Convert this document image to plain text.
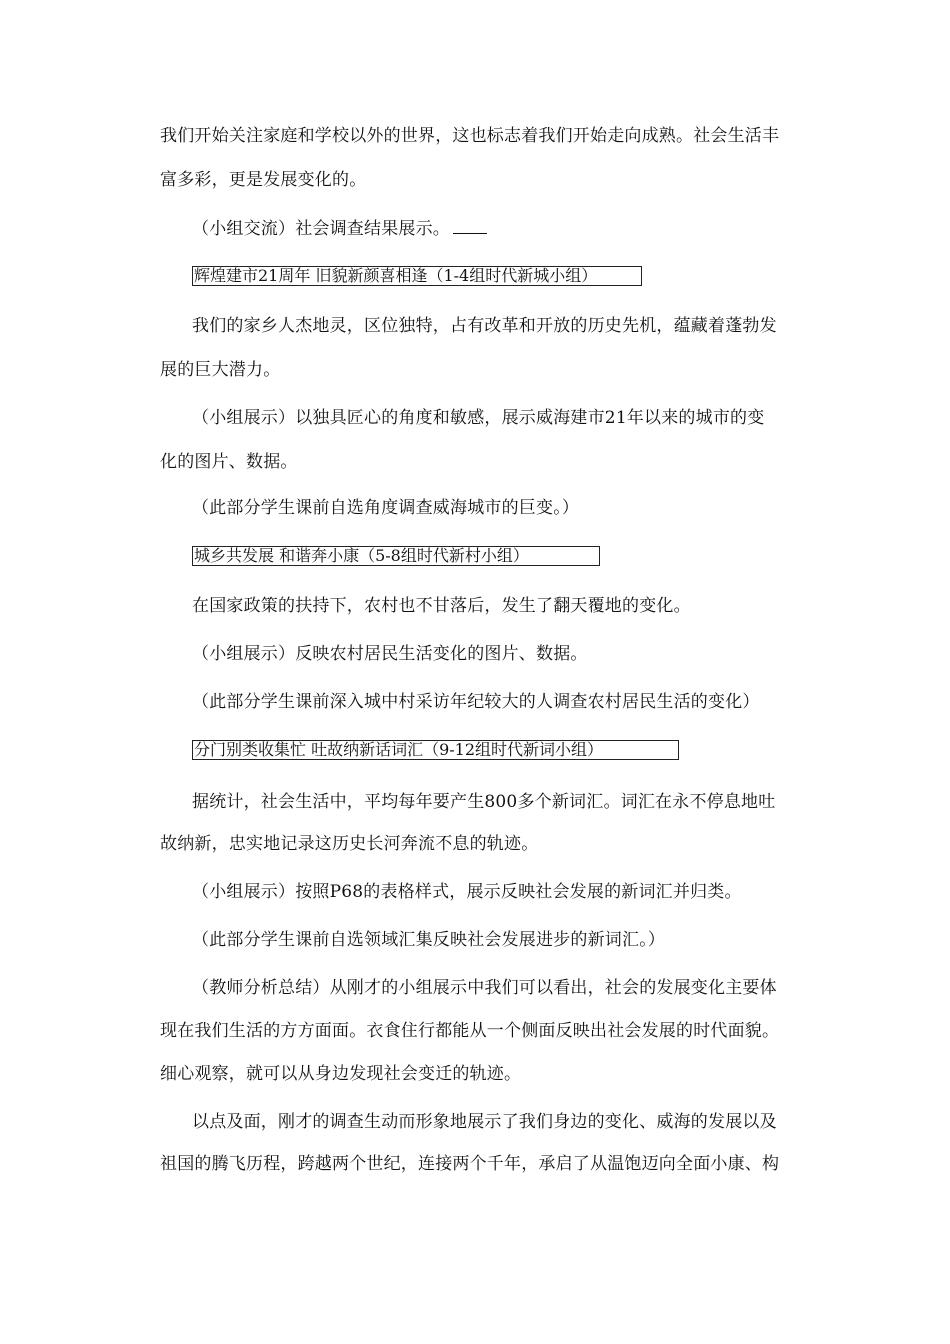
我们开始关注家庭和学校以外的世界，这也标志着我们开始走向成熟。社会生活丰
富多彩，更是发展变化的。
（小组交流）社会调查结果展示。
辉煌建市21周年 旧貌新颜喜相逢（1-4组时代新城小组）
我们的家乡人杰地灵，区位独特，占有改革和开放的历史先机，蕴藏着蓬勃发
展的巨大潜力。
（小组展示）以独具匠心的角度和敏感，展示威海建市21年以来的城市的变
化的图片、数据。
（此部分学生课前自选角度调查威海城市的巨变。）
城乡共发展 和谐奔小康（5-8组时代新村小组）
在国家政策的扶持下，农村也不甘落后，发生了翻天覆地的变化。
（小组展示）反映农村居民生活变化的图片、数据。
（此部分学生课前深入城中村采访年纪较大的人调查农村居民生活的变化）
分门别类收集忙 吐故纳新话词汇（9-12组时代新词小组）
据统计，社会生活中，平均每年要产生800多个新词汇。词汇在永不停息地吐
故纳新，忠实地记录这历史长河奔流不息的轨迹。
（小组展示）按照P68的表格样式，展示反映社会发展的新词汇并归类。
（此部分学生课前自选领域汇集反映社会发展进步的新词汇。）
（教师分析总结）从刚才的小组展示中我们可以看出，社会的发展变化主要体
现在我们生活的方方面面。衣食住行都能从一个侧面反映出社会发展的时代面貌。
细心观察，就可以从身边发现社会变迁的轨迹。
以点及面，刚才的调查生动而形象地展示了我们身边的变化、威海的发展以及
祖国的腾飞历程，跨越两个世纪，连接两个千年，承启了从温饱迈向全面小康、构
